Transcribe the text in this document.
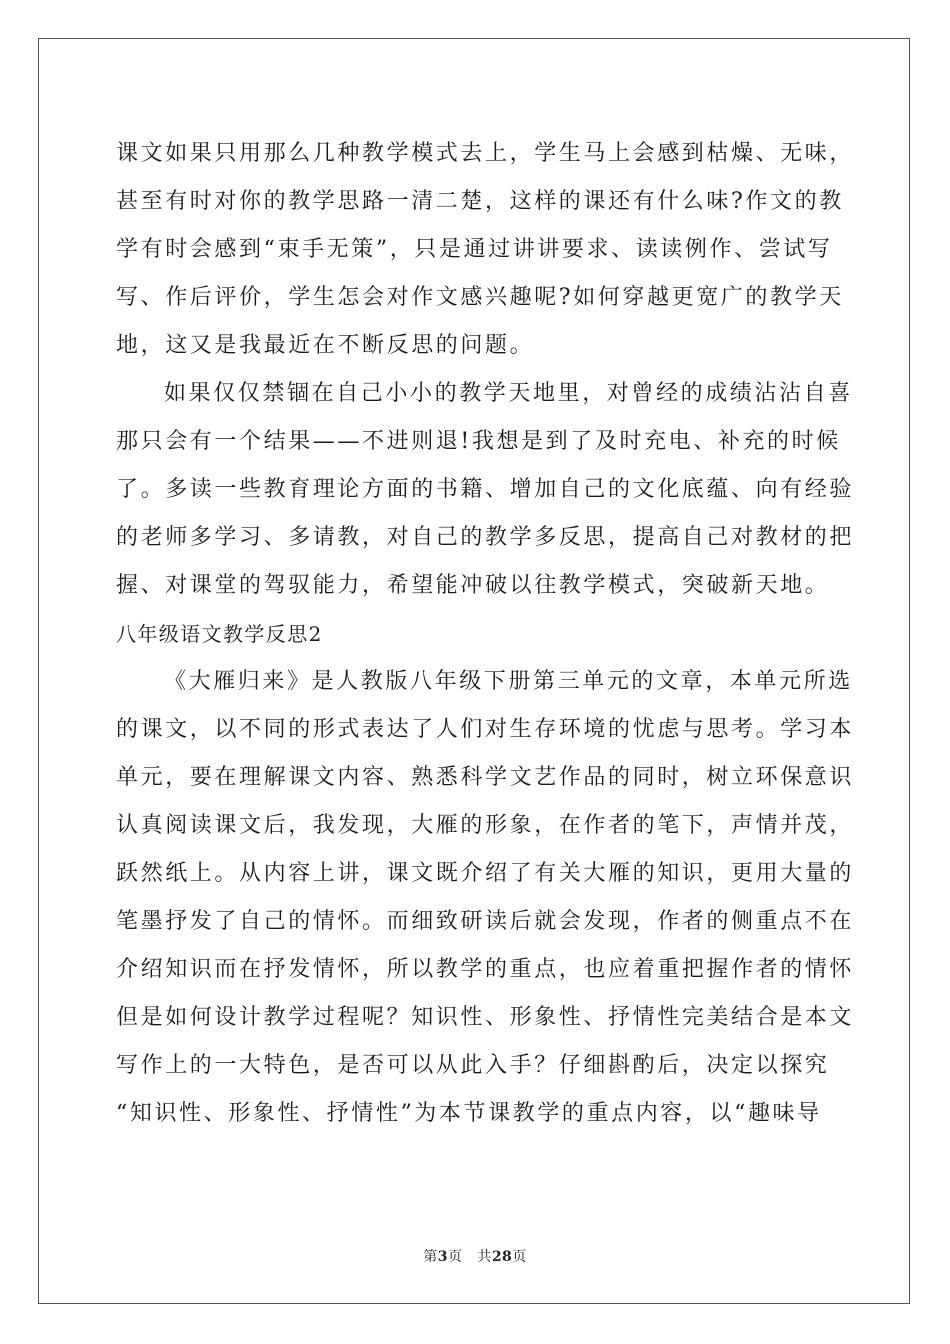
课文如果只用那么几种教学模式去上，学生马上会感到枯燥、无味，
甚至有时对你的教学思路一清二楚，这样的课还有什么味?作文的教
学有时会感到“束手无策”，只是通过讲讲要求、读读例作、尝试写
写、作后评价，学生怎会对作文感兴趣呢?如何穿越更宽广的教学天
地，这又是我最近在不断反思的问题。
如果仅仅禁锢在自己小小的教学天地里，对曾经的成绩沾沾自喜
那只会有一个结果——不进则退!我想是到了及时充电、补充的时候
了。多读一些教育理论方面的书籍、增加自己的文化底蕴、向有经验
的老师多学习、多请教，对自己的教学多反思，提高自己对教材的把
握、对课堂的驾驭能力，希望能冲破以往教学模式，突破新天地。
八年级语文教学反思2
《大雁归来》是人教版八年级下册第三单元的文章，本单元所选
的课文，以不同的形式表达了人们对生存环境的忧虑与思考。学习本
单元，要在理解课文内容、熟悉科学文艺作品的同时，树立环保意识
认真阅读课文后，我发现，大雁的形象，在作者的笔下，声情并茂，
跃然纸上。从内容上讲，课文既介绍了有关大雁的知识，更用大量的
笔墨抒发了自己的情怀。而细致研读后就会发现，作者的侧重点不在
介绍知识而在抒发情怀，所以教学的重点，也应着重把握作者的情怀
但是如何设计教学过程呢？知识性、形象性、抒情性完美结合是本文
写作上的一大特色，是否可以从此入手？仔细斟酌后，决定以探究
“知识性、形象性、抒情性”为本节课教学的重点内容，以“趣味导
第3页 共28页
